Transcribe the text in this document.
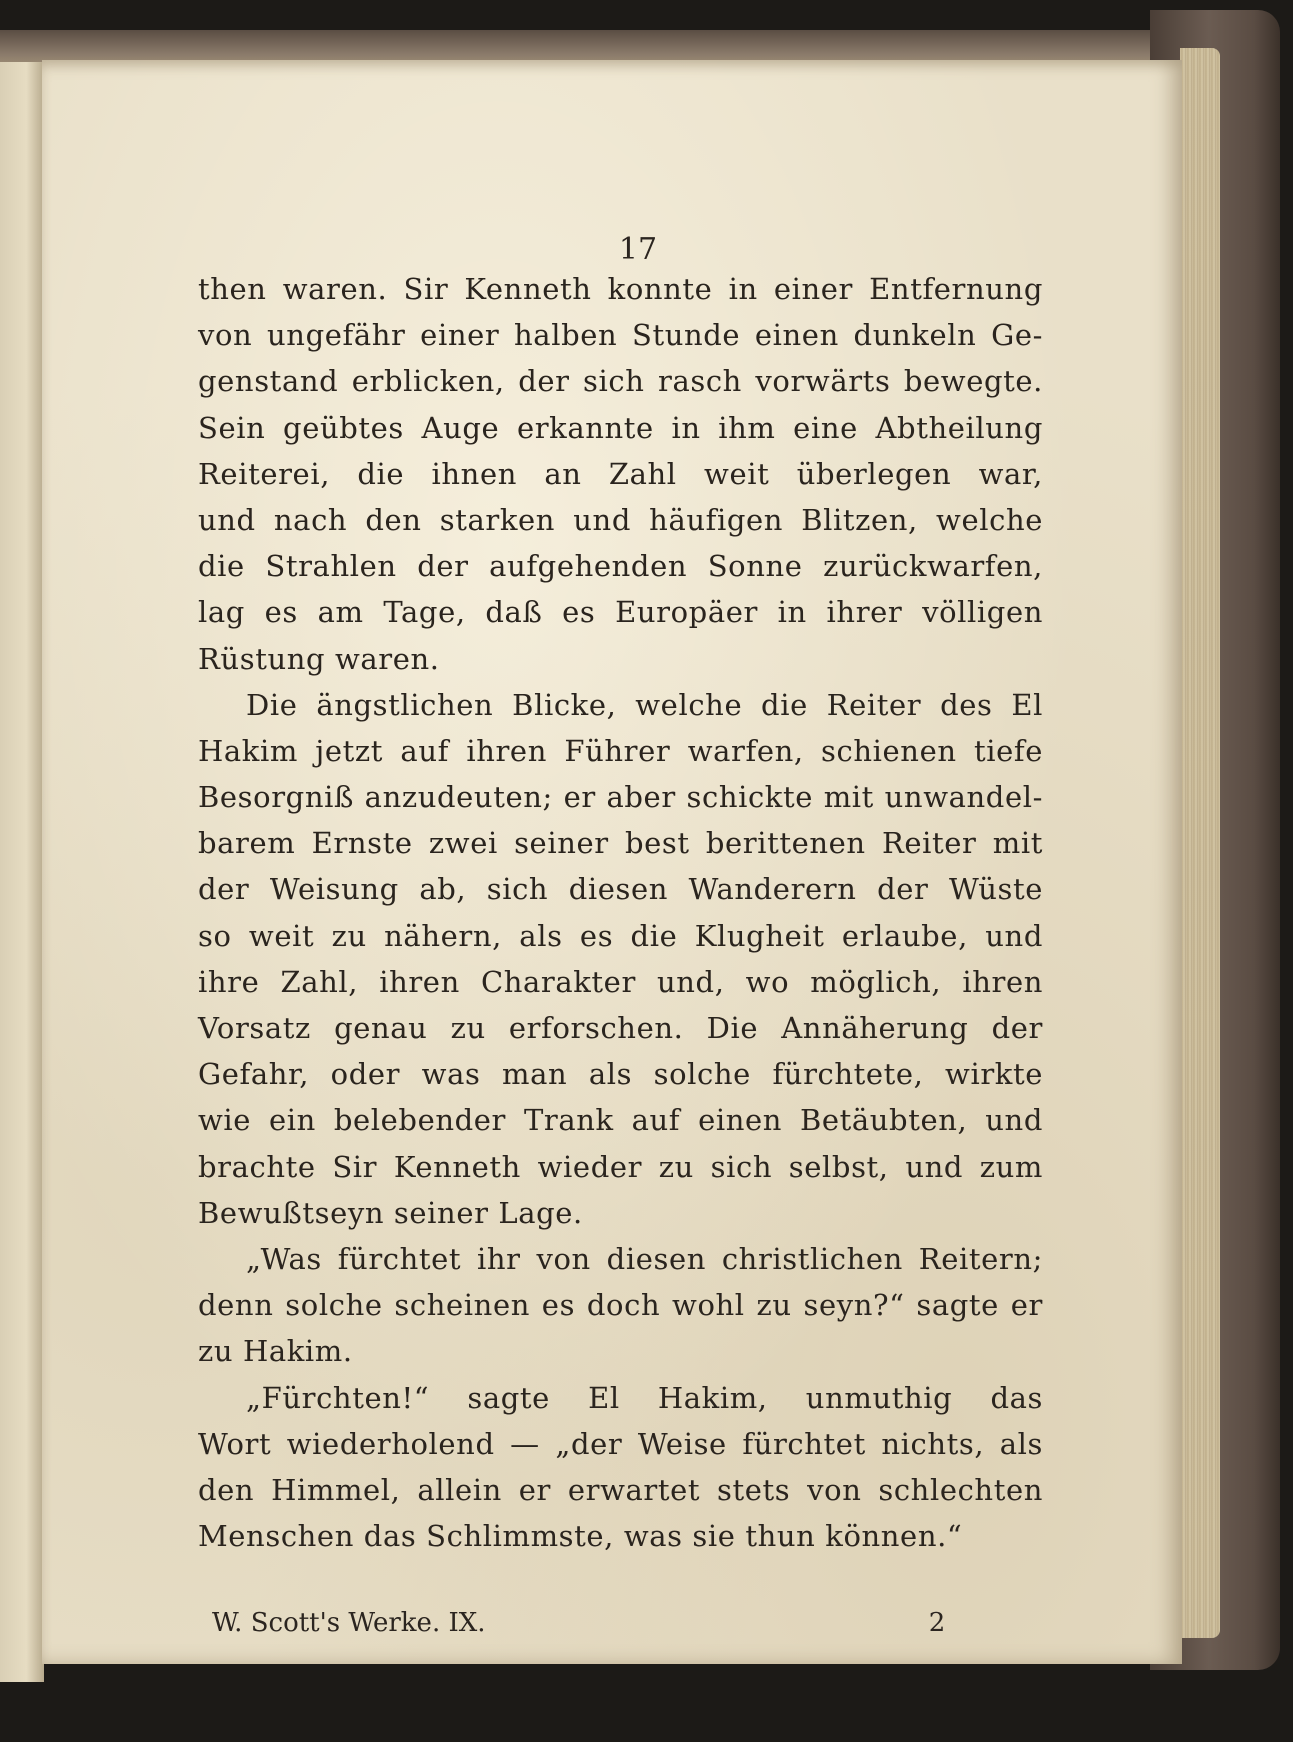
17
then waren. Sir Kenneth konnte in einer Entfernung
von ungefähr einer halben Stunde einen dunkeln Ge-
genstand erblicken, der sich rasch vorwärts bewegte.
Sein geübtes Auge erkannte in ihm eine Abtheilung
Reiterei, die ihnen an Zahl weit überlegen war,
und nach den starken und häufigen Blitzen, welche
die Strahlen der aufgehenden Sonne zurückwarfen,
lag es am Tage, daß es Europäer in ihrer völligen
Rüstung waren.
Die ängstlichen Blicke, welche die Reiter des El
Hakim jetzt auf ihren Führer warfen, schienen tiefe
Besorgniß anzudeuten; er aber schickte mit unwandel-
barem Ernste zwei seiner best berittenen Reiter mit
der Weisung ab, sich diesen Wanderern der Wüste
so weit zu nähern, als es die Klugheit erlaube, und
ihre Zahl, ihren Charakter und, wo möglich, ihren
Vorsatz genau zu erforschen. Die Annäherung der
Gefahr, oder was man als solche fürchtete, wirkte
wie ein belebender Trank auf einen Betäubten, und
brachte Sir Kenneth wieder zu sich selbst, und zum
Bewußtseyn seiner Lage.
„Was fürchtet ihr von diesen christlichen Reitern;
denn solche scheinen es doch wohl zu seyn?“ sagte er
zu Hakim.
„Fürchten!“ sagte El Hakim, unmuthig das
Wort wiederholend — „der Weise fürchtet nichts, als
den Himmel, allein er erwartet stets von schlechten
Menschen das Schlimmste, was sie thun können.“
W. Scott's Werke. IX.	2
